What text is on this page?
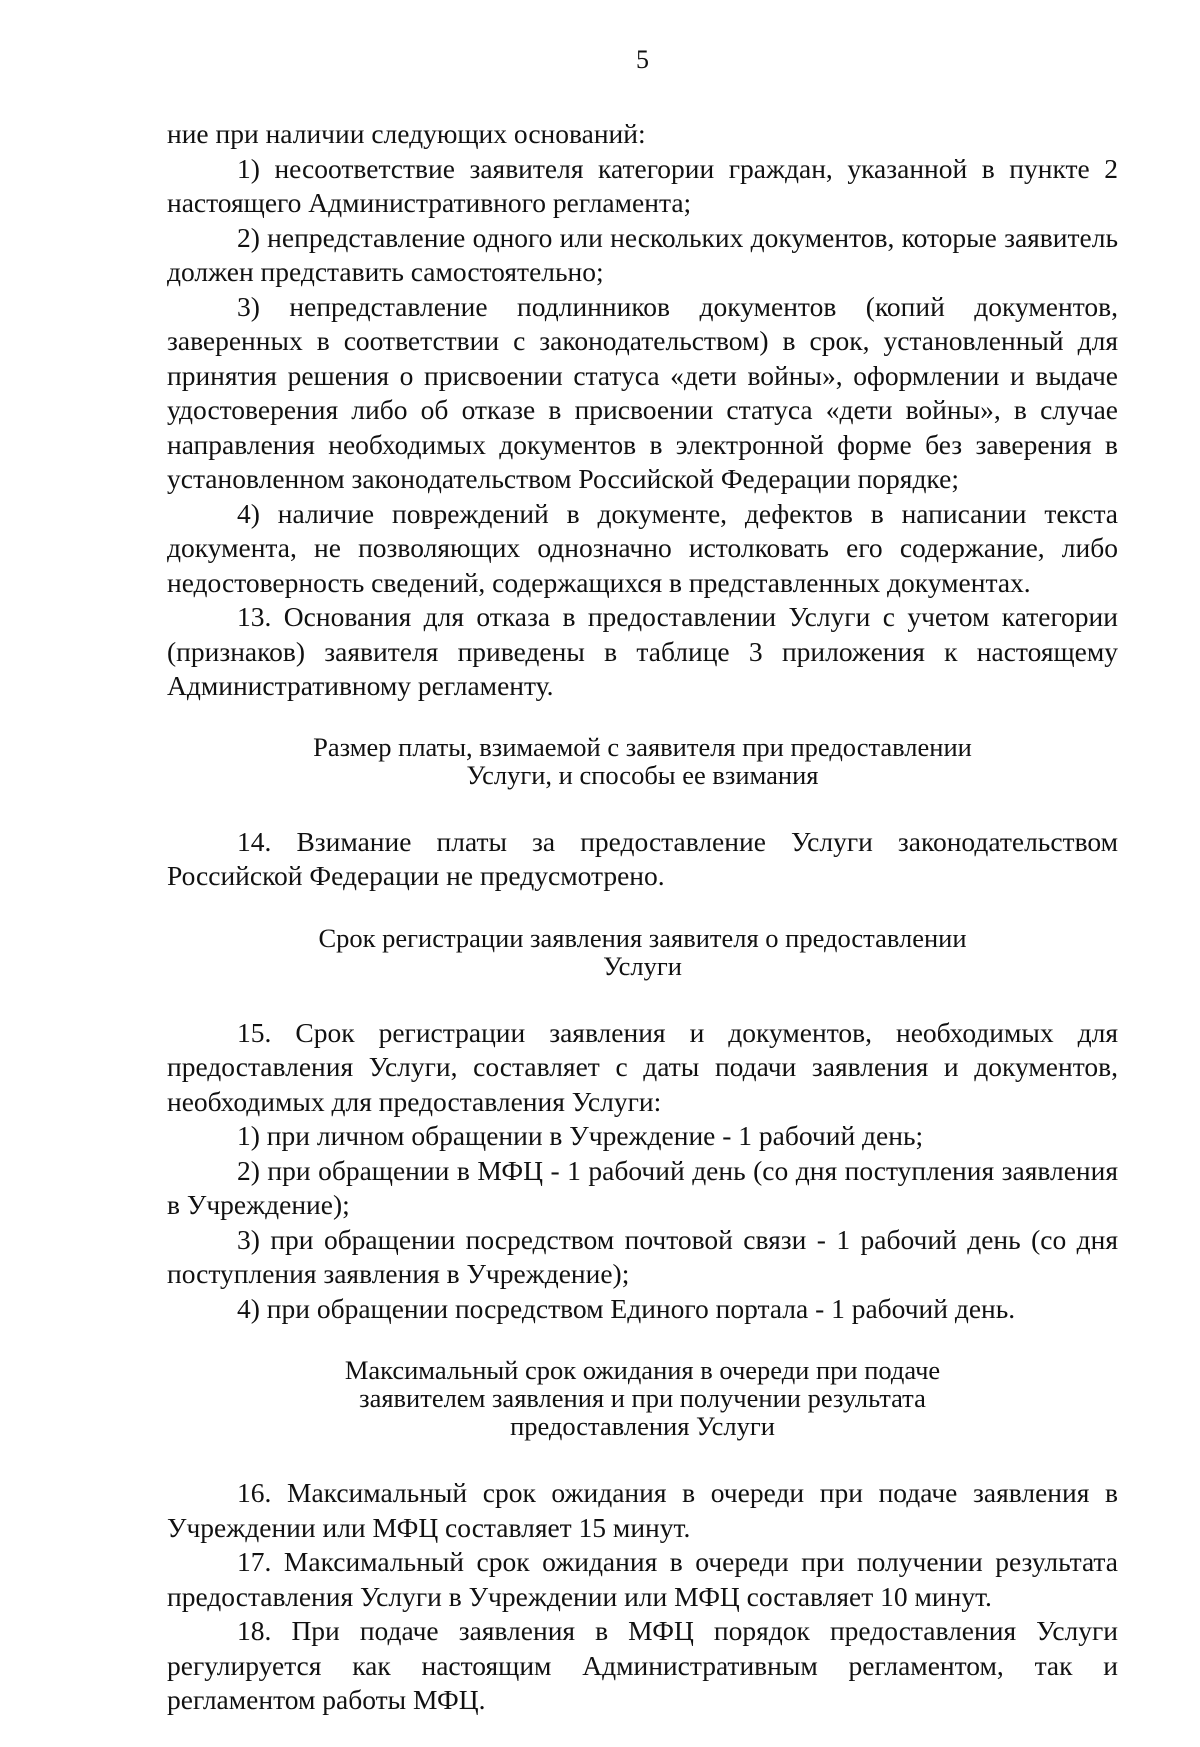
5

ние при наличии следующих оснований:

1) несоответствие заявителя категории граждан, указанной в пункте 2 настоящего Административного регламента;

2) непредставление одного или нескольких документов, которые заявитель должен представить самостоятельно;

3) непредставление подлинников документов (копий документов, заверенных в соответствии с законодательством) в срок, установленный для принятия решения о присвоении статуса «дети войны», оформлении и выдаче удостоверения либо об отказе в присвоении статуса «дети войны», в случае направления необходимых документов в электронной форме без заверения в установленном законодательством Российской Федерации порядке;

4) наличие повреждений в документе, дефектов в написании текста документа, не позволяющих однозначно истолковать его содержание, либо недостоверность сведений, содержащихся в представленных документах.

13. Основания для отказа в предоставлении Услуги с учетом категории (признаков) заявителя приведены в таблице 3 приложения к настоящему Административному регламенту.

Размер платы, взимаемой с заявителя при предоставлении Услуги, и способы ее взимания

14. Взимание платы за предоставление Услуги законодательством Российской Федерации не предусмотрено.

Срок регистрации заявления заявителя о предоставлении Услуги

15. Срок регистрации заявления и документов, необходимых для предоставления Услуги, составляет с даты подачи заявления и документов, необходимых для предоставления Услуги:

1) при личном обращении в Учреждение - 1 рабочий день;

2) при обращении в МФЦ - 1 рабочий день (со дня поступления заявления в Учреждение);

3) при обращении посредством почтовой связи - 1 рабочий день (со дня поступления заявления в Учреждение);

4) при обращении посредством Единого портала - 1 рабочий день.

Максимальный срок ожидания в очереди при подаче заявителем заявления и при получении результата предоставления Услуги

16. Максимальный срок ожидания в очереди при подаче заявления в Учреждении или МФЦ составляет 15 минут.

17. Максимальный срок ожидания в очереди при получении результата предоставления Услуги в Учреждении или МФЦ составляет 10 минут.

18. При подаче заявления в МФЦ порядок предоставления Услуги регулируется как настоящим Административным регламентом, так и регламентом работы МФЦ.
